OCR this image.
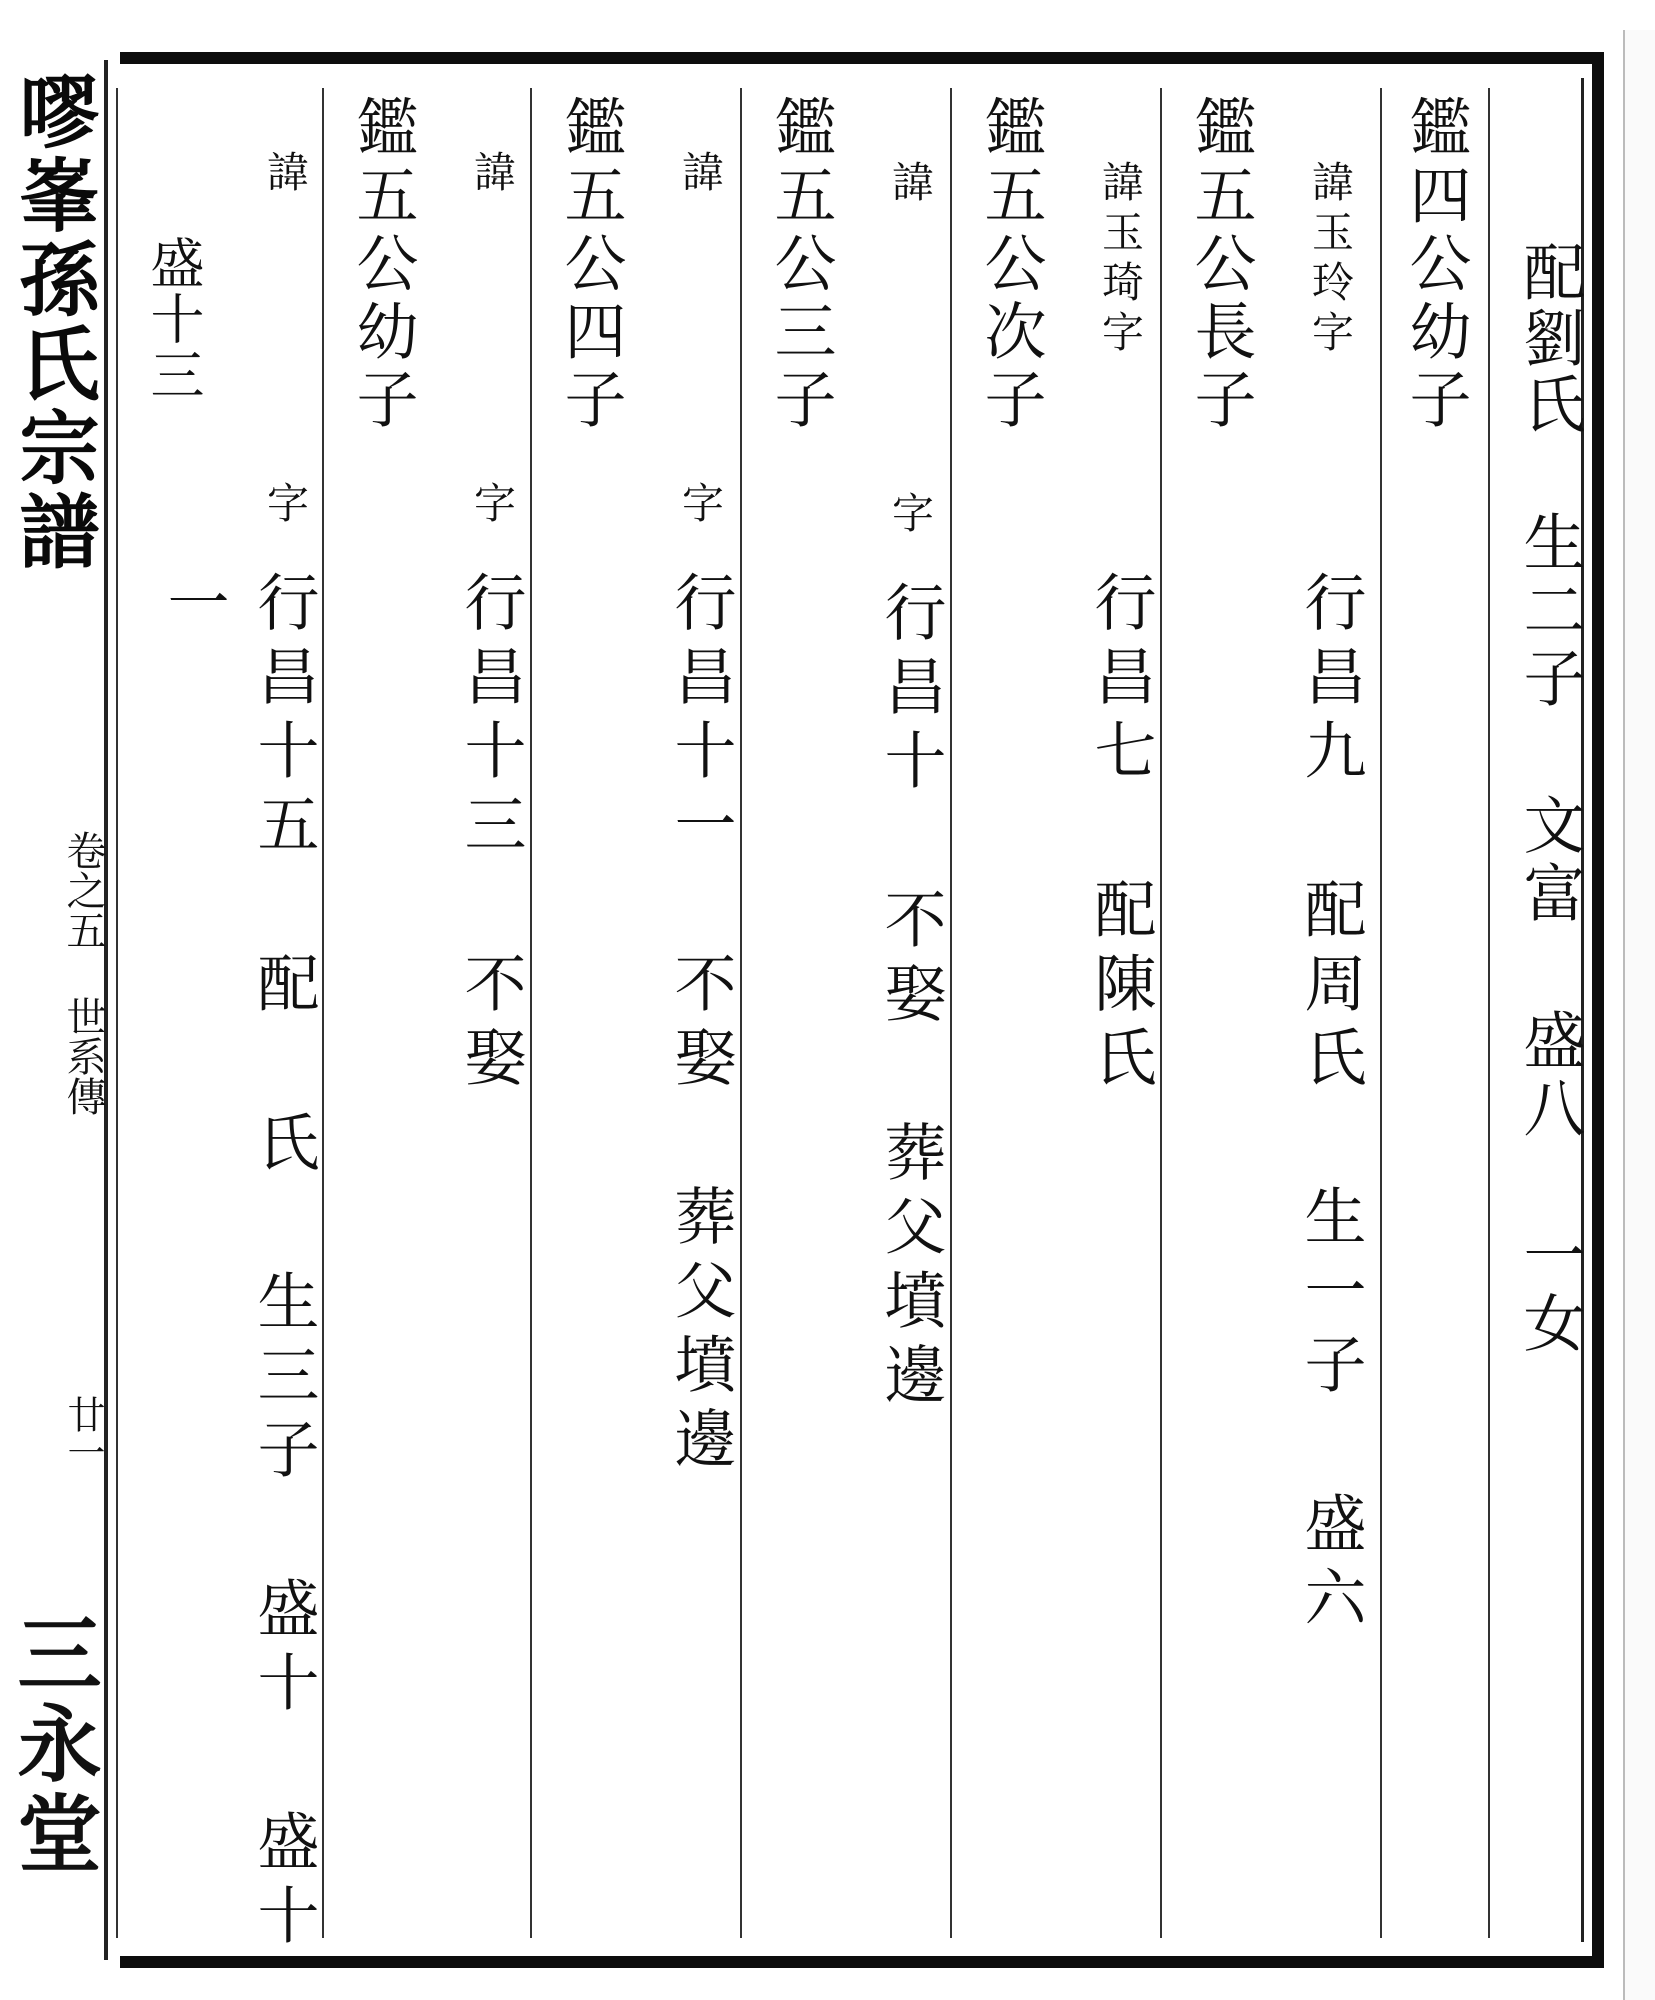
嘐峯孫氏宗譜
卷之五 世系傳
廿一
三永堂
配劉氏
生二子 文富 盛八 一女
鑑四公幼子
諱玉玲字
行昌九 配周氏 生一子 盛六
鑑五公長子
諱玉琦字
行昌七 配陳氏
鑑五公次子
諱 字
行昌十 不娶 葬父墳邊
鑑五公三子
諱 字
行昌十一 不娶 葬父墳邊
鑑五公四子
諱 字
行昌十三 不娶
鑑五公幼子
諱 字
行昌十五 配 氏 生三子 盛十 盛十一
盛十三
